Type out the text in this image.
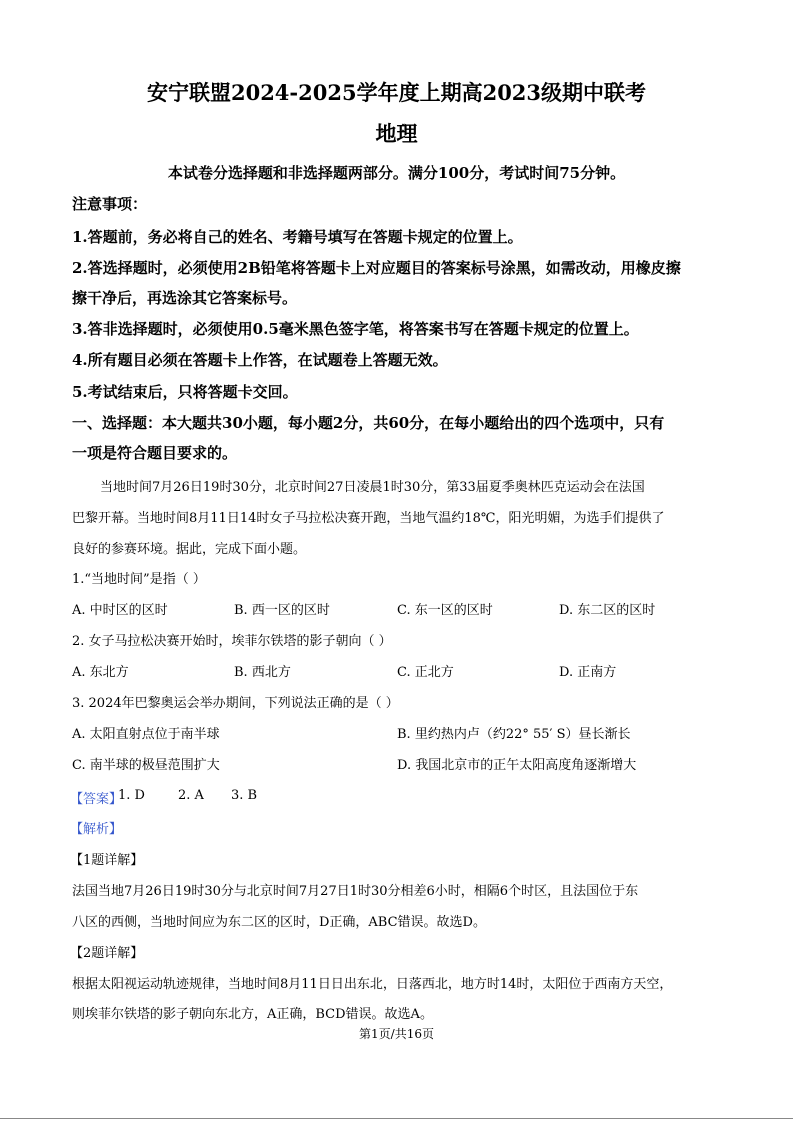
安宁联盟2024-2025学年度上期高2023级期中联考
地理
本试卷分选择题和非选择题两部分。满分100分，考试时间75分钟。
注意事项：
1.答题前，务必将自己的姓名、考籍号填写在答题卡规定的位置上。
2.答选择题时，必须使用2B铅笔将答题卡上对应题目的答案标号涂黑，如需改动，用橡皮擦
擦干净后，再选涂其它答案标号。
3.答非选择题时，必须使用0.5毫米黑色签字笔，将答案书写在答题卡规定的位置上。
4.所有题目必须在答题卡上作答，在试题卷上答题无效。
5.考试结束后，只将答题卡交回。
一、选择题：本大题共30小题，每小题2分，共60分，在每小题给出的四个选项中，只有
一项是符合题目要求的。
当地时间7月26日19时30分，北京时间27日凌晨1时30分，第33届夏季奥林匹克运动会在法国
巴黎开幕。当地时间8月11日14时女子马拉松决赛开跑，当地气温约18℃，阳光明媚，为选手们提供了
良好的参赛环境。据此，完成下面小题。
1.“当地时间”是指（ ）
A. 中时区的区时	B. 西一区的区时	C. 东一区的区时	D. 东二区的区时
2. 女子马拉松决赛开始时，埃菲尔铁塔的影子朝向（ ）
A. 东北方	B. 西北方	C. 正北方	D. 正南方
3. 2024年巴黎奥运会举办期间，下列说法正确的是（ ）
A. 太阳直射点位于南半球	B. 里约热内卢（约22° 55′ S）昼长渐长
C. 南半球的极昼范围扩大	D. 我国北京市的正午太阳高度角逐渐增大
【答案】
1. D	2. A 3. B
【解析】
【1题详解】
法国当地7月26日19时30分与北京时间7月27日1时30分相差6小时，相隔6个时区，且法国位于东
八区的西侧，当地时间应为东二区的区时，D正确，ABC错误。故选D。
【2题详解】
根据太阳视运动轨迹规律，当地时间8月11日日出东北，日落西北，地方时14时，太阳位于西南方天空，
则埃菲尔铁塔的影子朝向东北方，A正确，BCD错误。故选A。
第1页/共16页
